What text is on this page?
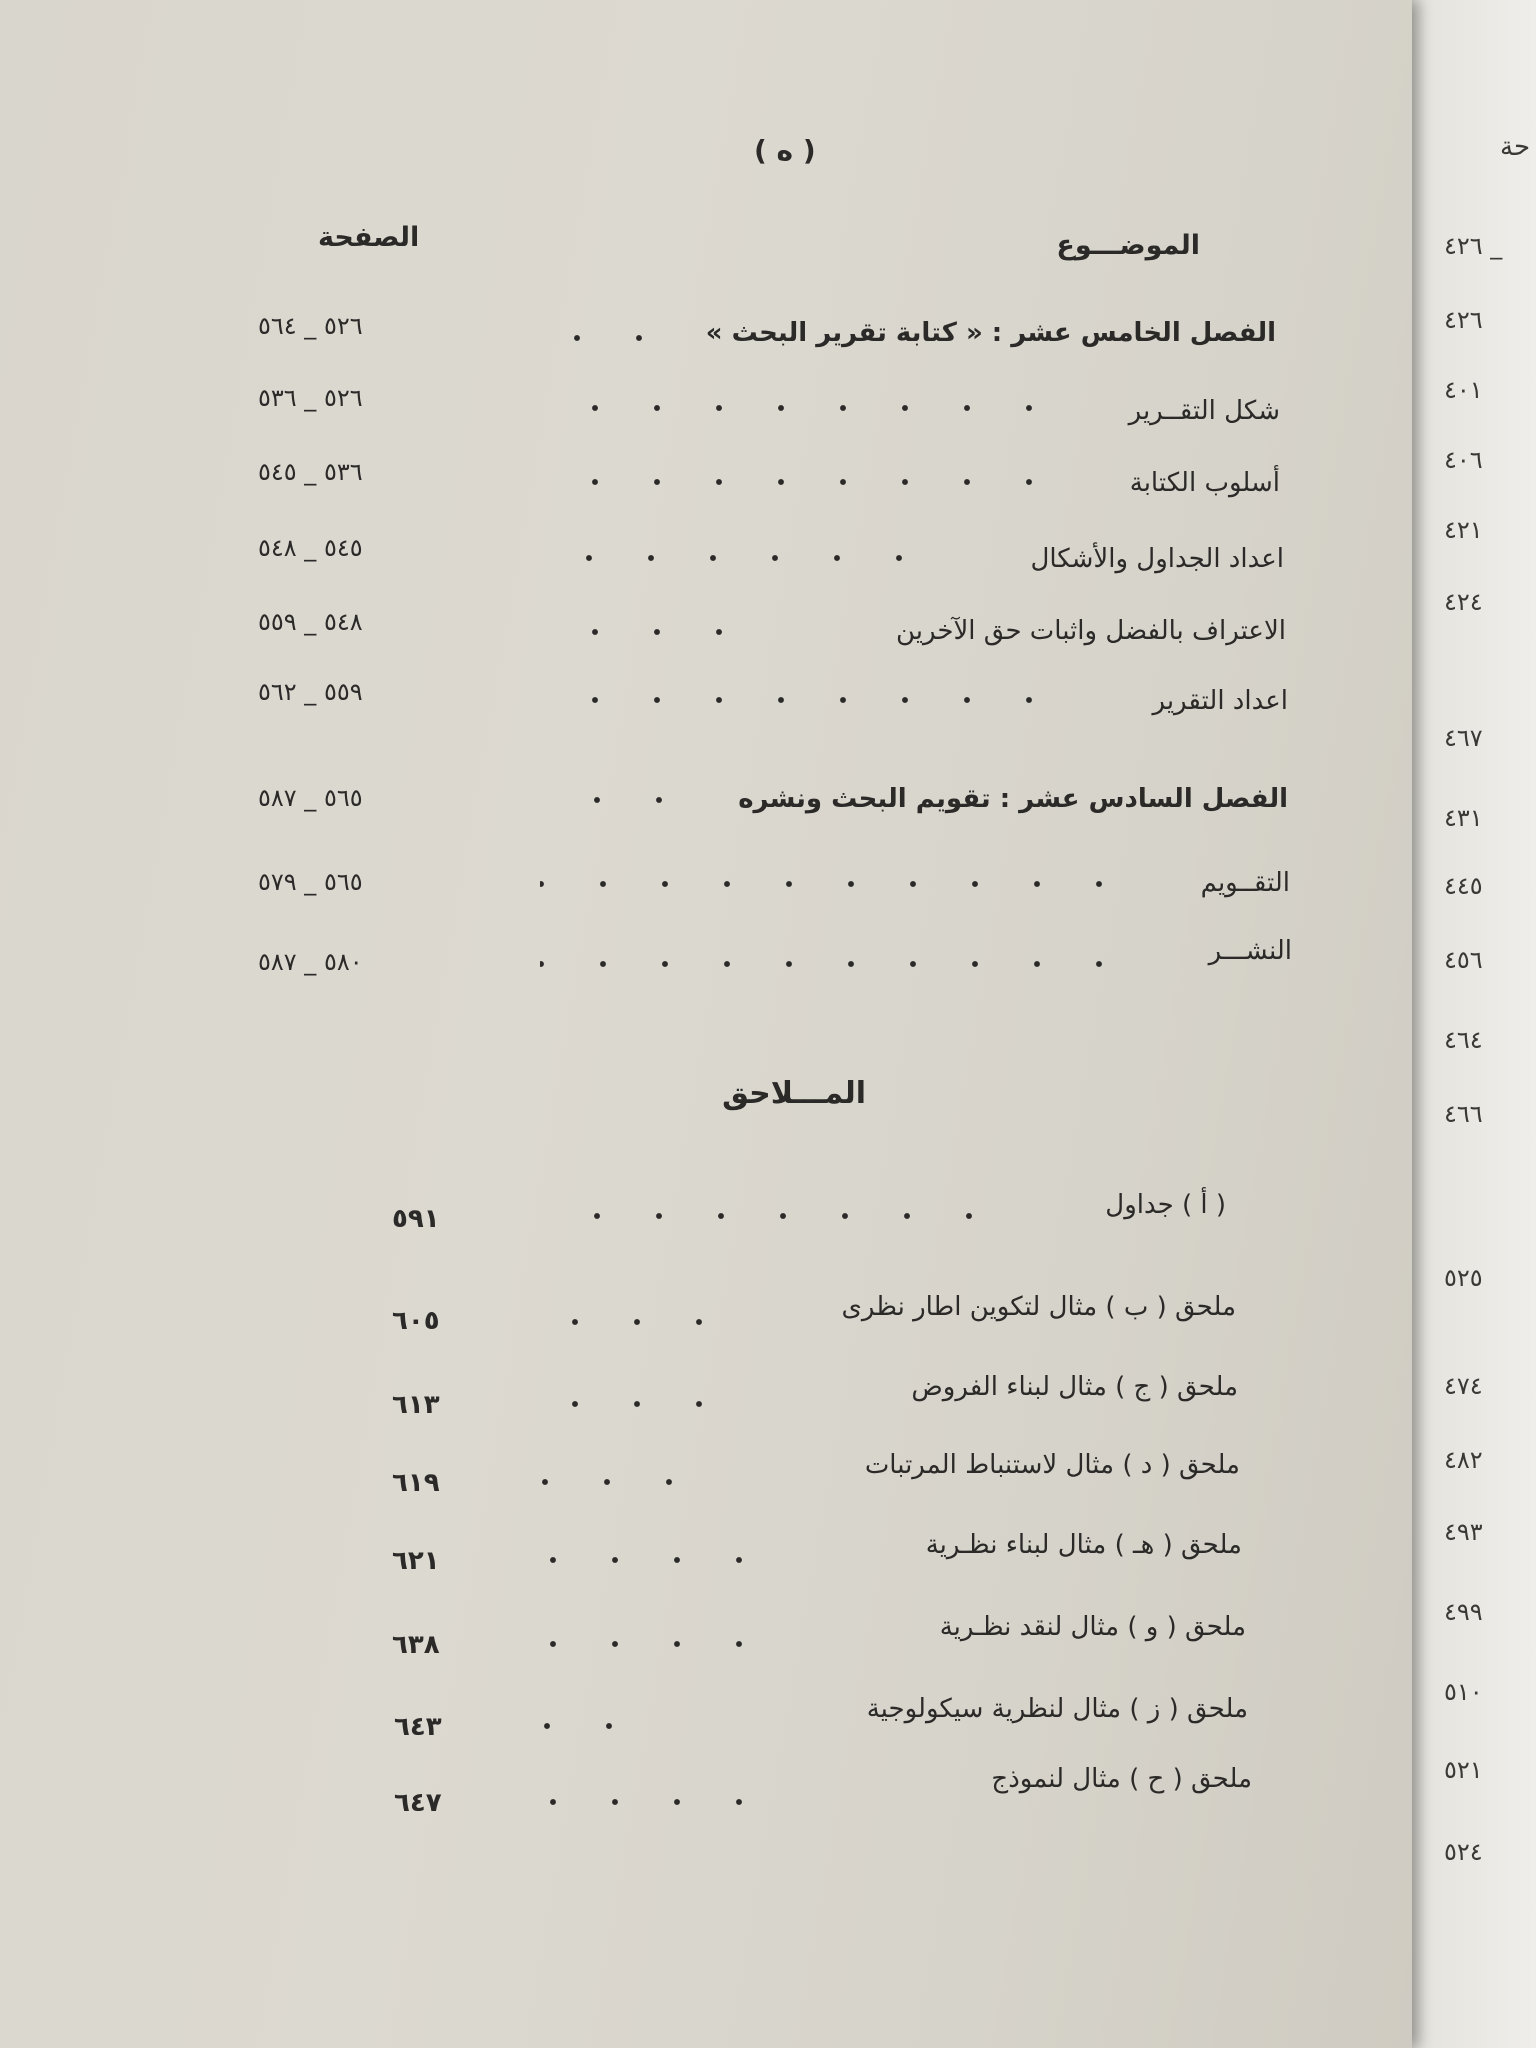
( ه )
الموضـــوع
الصفحة
الفصل الخامس عشر : « كتابة تقرير البحث »
٥٢٦ _ ٥٦٤
شكل التقــرير
٥٢٦ _ ٥٣٦
أسلوب الكتابة
٥٣٦ _ ٥٤٥
اعداد الجداول والأشكال
٥٤٥ _ ٥٤٨
الاعتراف بالفضل واثبات حق الآخرين
٥٤٨ _ ٥٥٩
اعداد التقرير
٥٥٩ _ ٥٦٢
الفصل السادس عشر : تقويم البحث ونشره
٥٦٥ _ ٥٨٧
التقــويم
٥٦٥ _ ٥٧٩
النشـــر
٥٨٠ _ ٥٨٧
المـــلاحق
( أ ) جداول
٥٩١
ملحق ( ب ) مثال لتكوين اطار نظرى
٦٠٥
ملحق ( ج ) مثال لبناء الفروض
٦١٣
ملحق ( د ) مثال لاستنباط المرتبات
٦١٩
ملحق ( هـ ) مثال لبناء نظـرية
٦٢١
ملحق ( و ) مثال لنقد نظـرية
٦٣٨
ملحق ( ز ) مثال لنظرية سيكولوجية
٦٤٣
ملحق ( ح ) مثال لنموذج
٦٤٧
حة
٤٢٦ _
٤٢٦
٤٠١
٤٠٦
٤٢١
٤٢٤
٤٦٧
٤٣١
٤٤٥
٤٥٦
٤٦٤
٤٦٦
٥٢٥
٤٧٤
٤٨٢
٤٩٣
٤٩٩
٥١٠
٥٢١
٥٢٤
